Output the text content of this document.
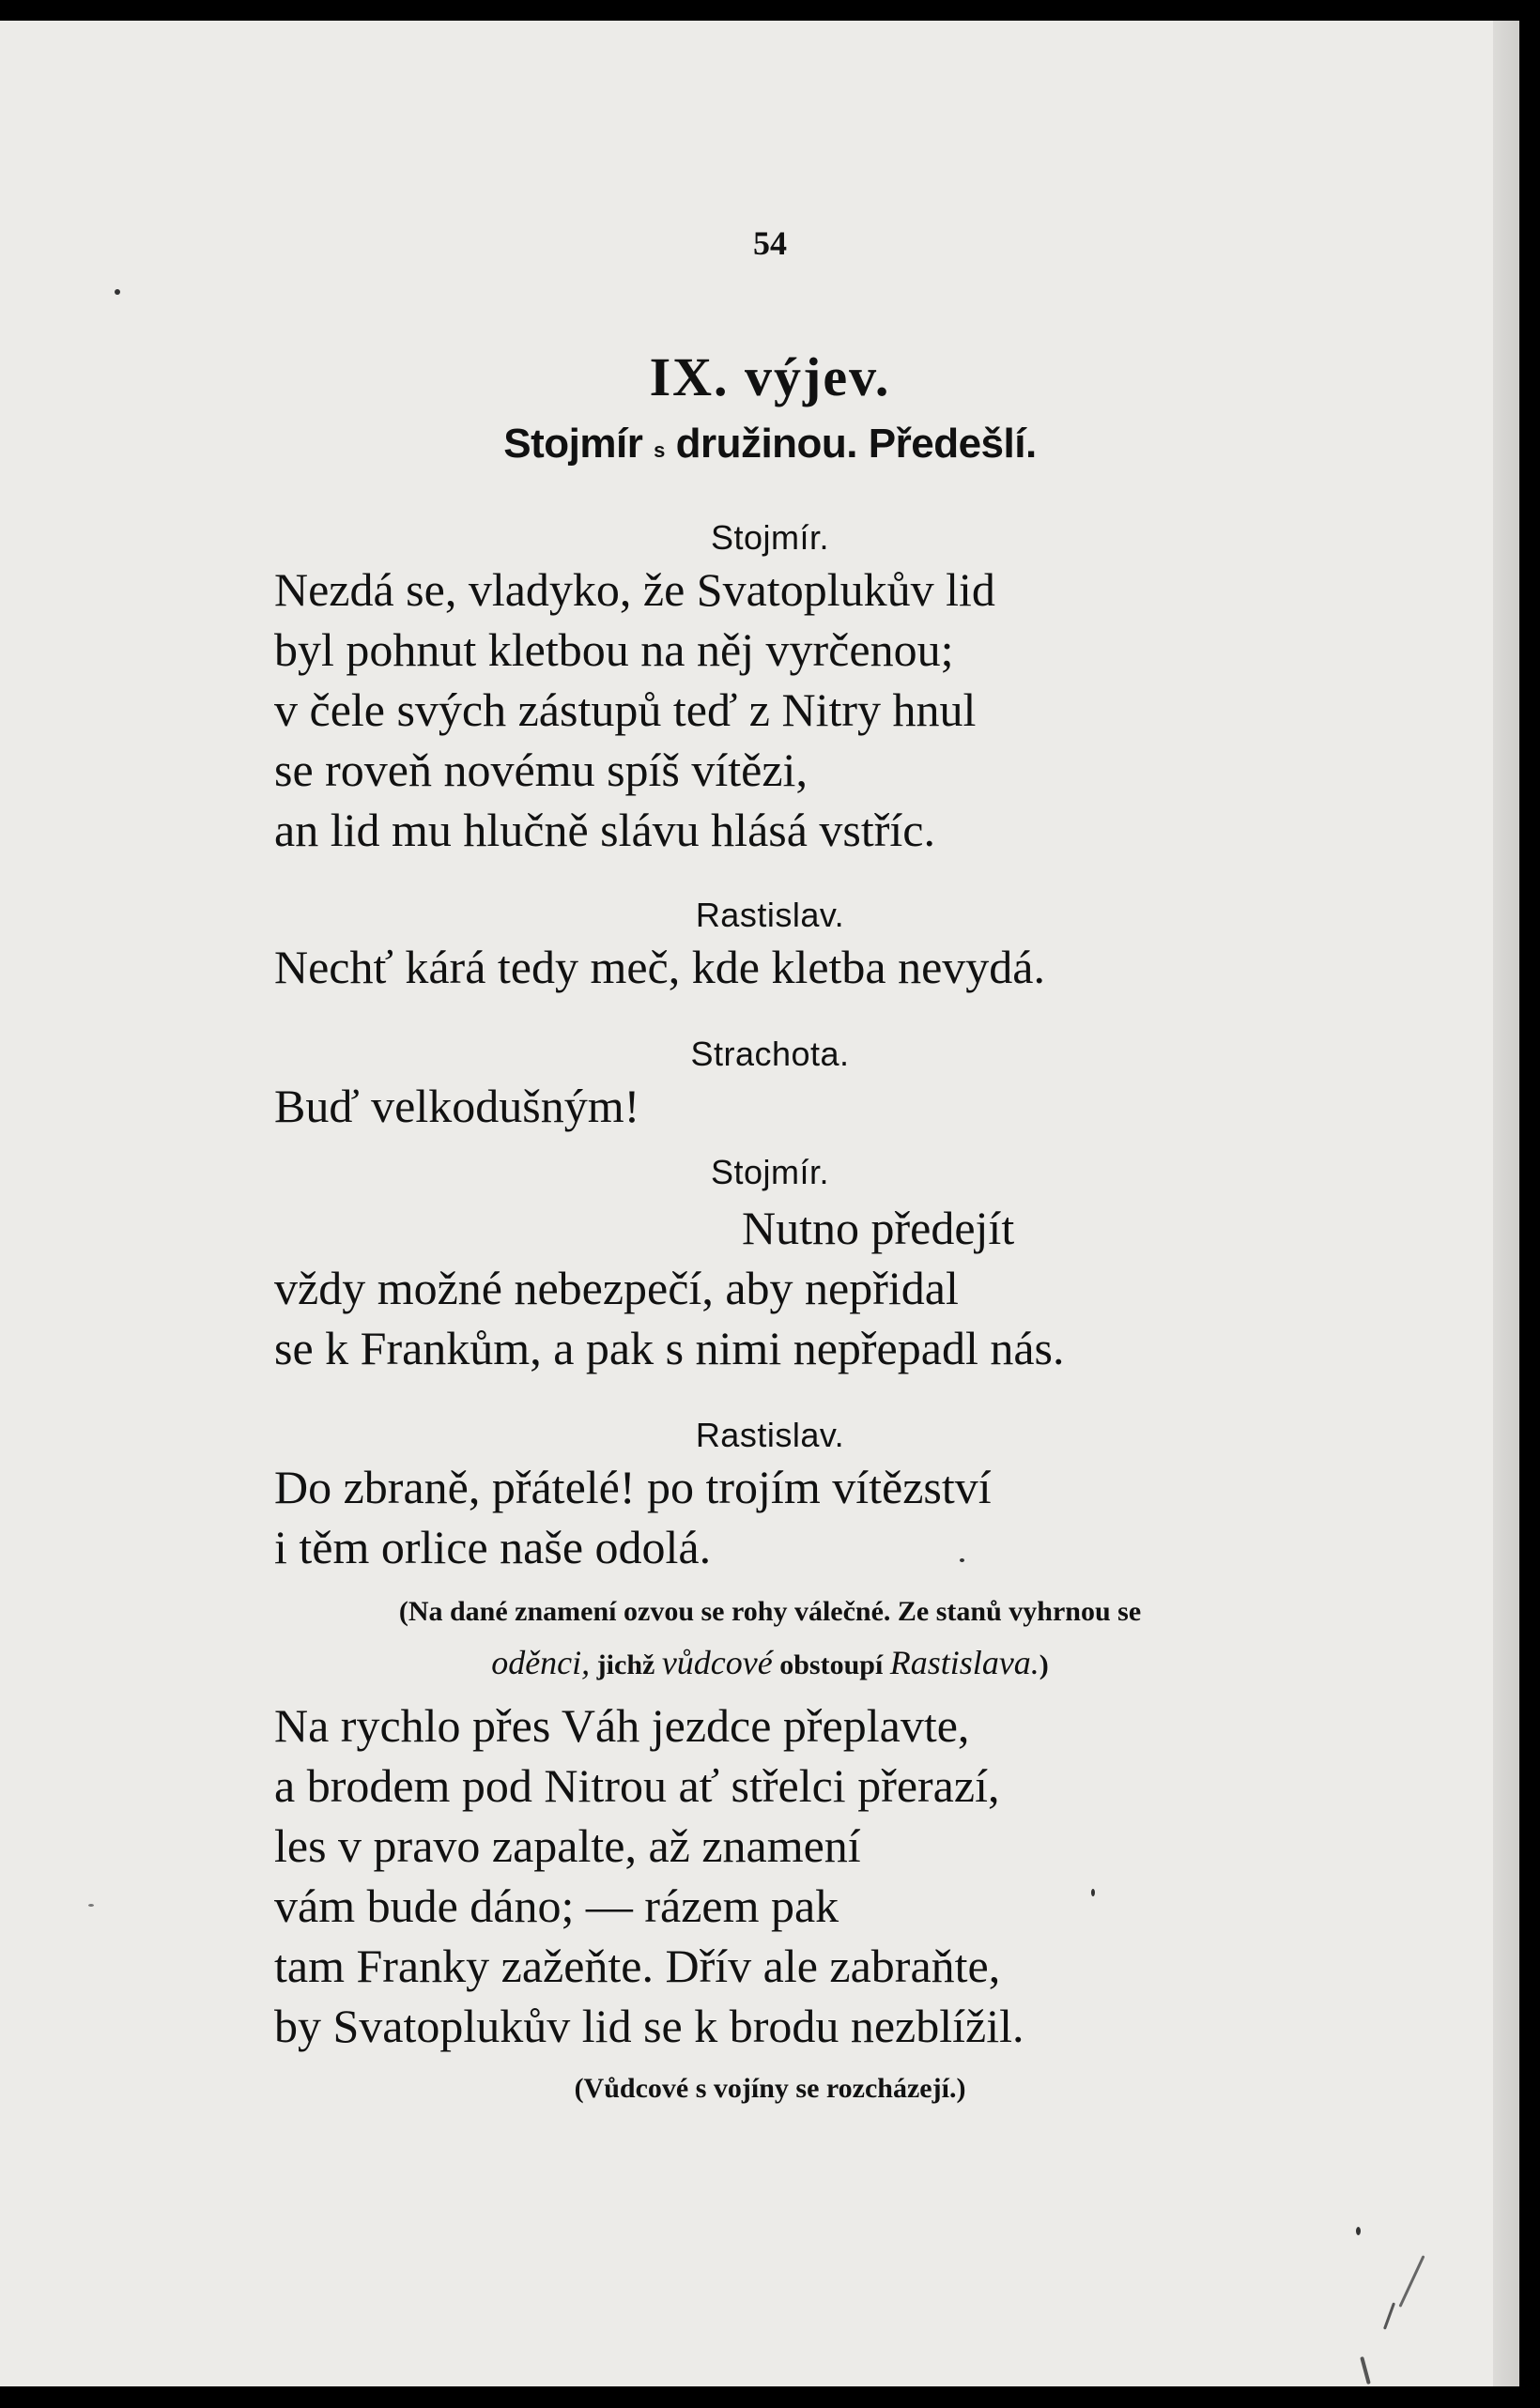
54
IX. výjev.
Stojmír s družinou. Předešlí.
Stojmír.
Nezdá se, vladyko, že Svatoplukův lid
byl pohnut kletbou na něj vyrčenou;
v čele svých zástupů teď z Nitry hnul
se roveň novému spíš vítězi,
an lid mu hlučně slávu hlásá vstříc.
Rastislav.
Nechť kárá tedy meč, kde kletba nevydá.
Strachota.
Buď velkodušným!
Stojmír.
Nutno předejít
vždy možné nebezpečí, aby nepřidal
se k Frankům, a pak s nimi nepřepadl nás.
Rastislav.
Do zbraně, přátelé! po trojím vítězství
i těm orlice naše odolá.
(Na dané znamení ozvou se rohy válečné. Ze stanů vyhrnou se
oděnci, jichž vůdcové obstoupí Rastislava.)
Na rychlo přes Váh jezdce přeplavte,
a brodem pod Nitrou ať střelci přerazí,
les v pravo zapalte, až znamení
vám bude dáno; — rázem pak
tam Franky zažeňte. Dřív ale zabraňte,
by Svatoplukův lid se k brodu nezblížil.
(Vůdcové s vojíny se rozcházejí.)
